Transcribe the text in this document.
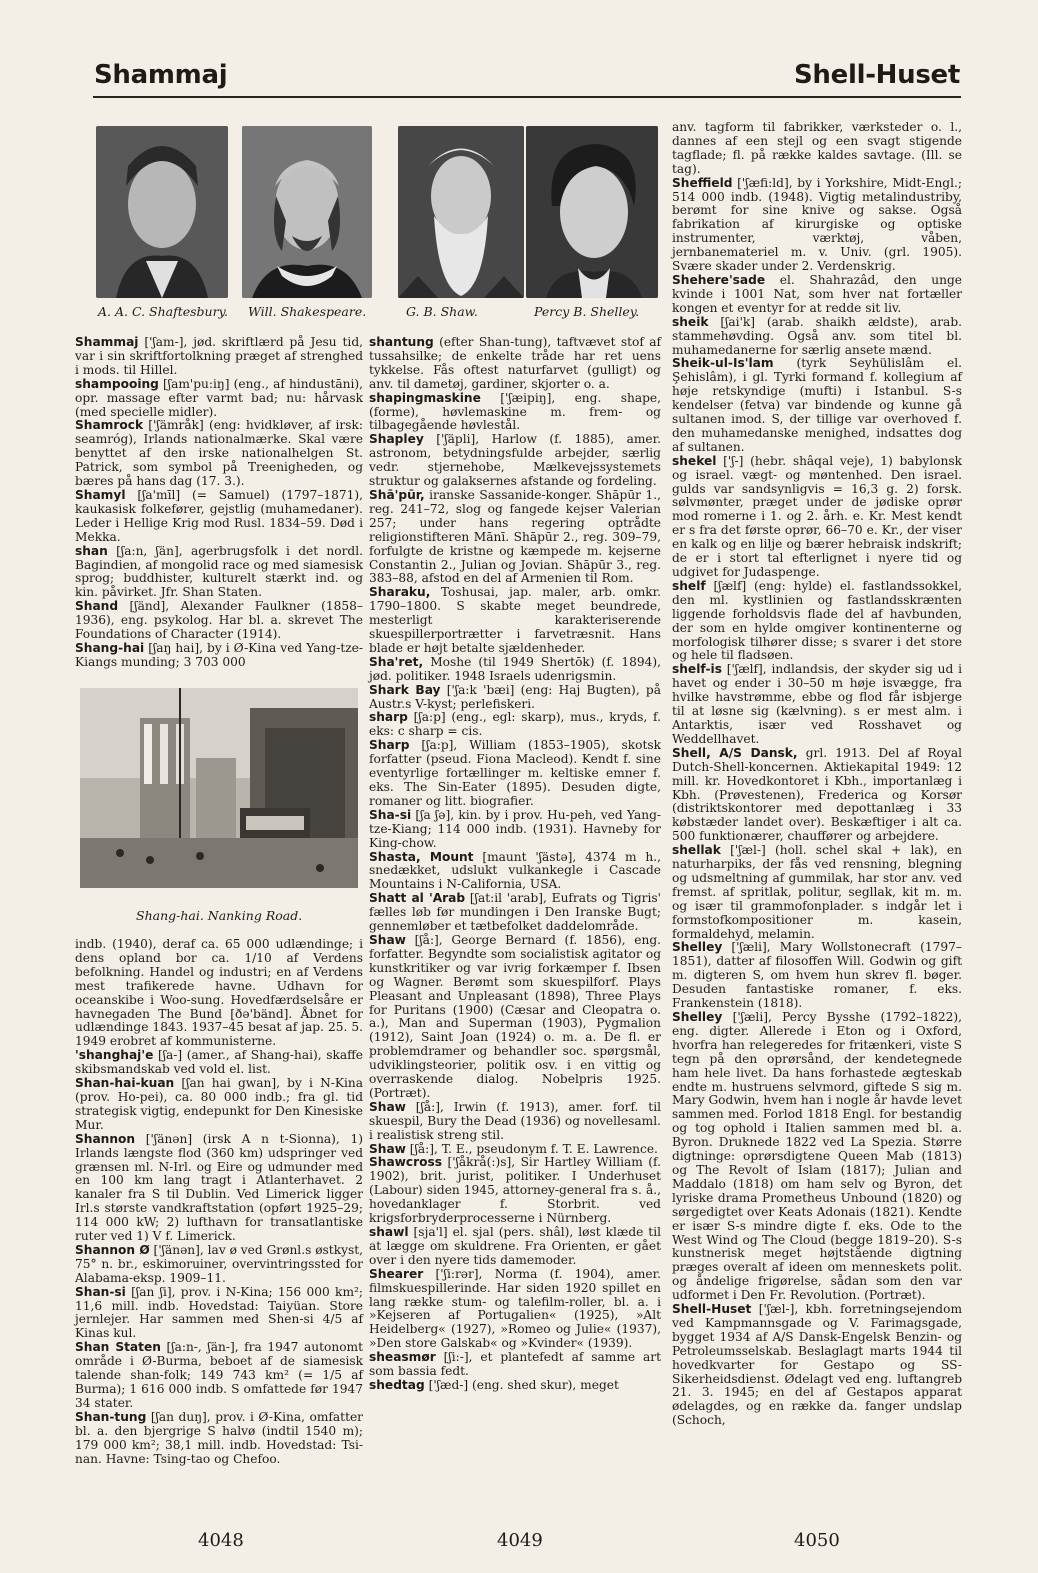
Shammaj	Shell-Huset
A. A. C. Shaftesbury. Will. Shakespeare.	G. B. Shaw.	Percy B. Shelley.

Shammaj ['ʃam-], jød. skriftlærd på Jesu tid, var i sin skriftfortolkning præget af strenghed i mods. til Hillel.

shampooing [ʃam'pu:iŋ] (eng., af hindustāni), opr. massage efter varmt bad; nu: hårvask (med specielle midler).

Shamrock ['ʃämråk] (eng: hvidkløver, af irsk: seamróg), Irlands nationalmærke. Skal være benyttet af den irske nationalhelgen St. Patrick, som symbol på Treenigheden, og bæres på hans dag (17. 3.).

Shamyl [ʃa'mīl] (= Samuel) (1797–1871), kaukasisk folkefører, gejstlig (muhamedaner). Leder i Hellige Krig mod Rusl. 1834–59. Død i Mekka.

shan [ʃa:n, ʃän], agerbrugsfolk i det nordl. Bagindien, af mongolid race og med siamesisk sprog; buddhister, kulturelt stærkt ind. og kin. påvirket. Jfr. Shan Staten.

Shand [ʃänd], Alexander Faulkner (1858–1936), eng. psykolog. Har bl. a. skrevet The Foundations of Character (1914).

Shang-hai [ʃaŋ hai], by i Ø-Kina ved Yang-tze-Kiangs munding; 3 703 000

Shang-hai. Nanking Road.

indb. (1940), deraf ca. 65 000 udlændinge; i dens opland bor ca. 1/10 af Verdens befolkning. Handel og industri; en af Verdens mest trafikerede havne. Udhavn for oceanskibe i Woo-sung. Hovedfærdselsåre er havnegaden The Bund [ðə'bänd]. Åbnet for udlændinge 1843. 1937–45 besat af jap. 25. 5. 1949 erobret af kommunisterne.

'shanghaj'e [ʃa-] (amer., af Shang-hai), skaffe skibsmandskab ved vold el. list.

Shan-hai-kuan [ʃan hai gwan], by i N-Kina (prov. Ho-pei), ca. 80 000 indb.; fra gl. tid strategisk vigtig, endepunkt for Den Kinesiske Mur.

Shannon ['ʃänən] (irsk A n t-Sionna), 1) Irlands længste flod (360 km) udspringer ved grænsen ml. N-Irl. og Eire og udmunder med en 100 km lang tragt i Atlanterhavet. 2 kanaler fra S til Dublin. Ved Limerick ligger Irl.s største vandkraftstation (opført 1925–29; 114 000 kW; 2) lufthavn for transatlantiske ruter ved 1) V f. Limerick.

Shannon Ø ['ʃänən], lav ø ved Grønl.s østkyst, 75° n. br., eskimoruiner, overvintringssted for Alabama-eksp. 1909–11.

Shan-si [ʃan ʃi], prov. i N-Kina; 156 000 km²; 11,6 mill. indb. Hovedstad: Taiyüan. Store jernlejer. Har sammen med Shen-si 4/5 af Kinas kul.

Shan Staten [ʃa:n-, ʃän-], fra 1947 autonomt område i Ø-Burma, beboet af de siamesisk talende shan-folk; 149 743 km² (= 1/5 af Burma); 1 616 000 indb. S omfattede før 1947 34 stater.

Shan-tung [ʃan duŋ], prov. i Ø-Kina, omfatter bl. a. den bjergrige S halvø (indtil 1540 m); 179 000 km²; 38,1 mill. indb. Hovedstad: Tsi-nan. Havne: Tsing-tao og Chefoo.

shantung (efter Shan-tung), taftvævet stof af tussahsilke; de enkelte tråde har ret uens tykkelse. Fås oftest naturfarvet (gulligt) og anv. til dametøj, gardiner, skjorter o. a.

shapingmaskine ['ʃæipiŋ], eng. shape, (forme), høvlemaskine m. frem- og tilbagegående høvlestål.

Shapley ['ʃäpli], Harlow (f. 1885), amer. astronom, betydningsfulde arbejder, særlig vedr. stjernehobe, Mælkevejssystemets struktur og galaksernes afstande og fordeling.

Shā'pūr, iranske Sassanide-konger. Shāpūr 1., reg. 241–72, slog og fangede kejser Valerian 257; under hans regering optrådte religionstifteren Mānī. Shāpūr 2., reg. 309–79, forfulgte de kristne og kæmpede m. kejserne Constantin 2., Julian og Jovian. Shāpūr 3., reg. 383–88, afstod en del af Armenien til Rom.

Sharaku, Toshusai, jap. maler, arb. omkr. 1790–1800. S skabte meget beundrede, mesterligt karakteriserende skuespillerportrætter i farvetræsnit. Hans blade er højt betalte sjældenheder.

Sha'ret, Moshe (til 1949 Shertōk) (f. 1894), jød. politiker. 1948 Israels udenrigsmin.

Shark Bay ['ʃa:k 'bæi] (eng: Haj Bugten), på Austr.s V-kyst; perlefiskeri.

sharp [ʃa:p] (eng., egl: skarp), mus., kryds, f. eks: c sharp = cis.

Sharp [ʃa:p], William (1853–1905), skotsk forfatter (pseud. Fiona Macleod). Kendt f. sine eventyrlige fortællinger m. keltiske emner f. eks. The Sin-Eater (1895). Desuden digte, romaner og litt. biografier.

Sha-si [ʃa ʃə], kin. by i prov. Hu-peh, ved Yang-tze-Kiang; 114 000 indb. (1931). Havneby for King-chow.

Shasta, Mount [maunt 'ʃästə], 4374 m h., snedækket, udslukt vulkankegle i Cascade Mountains i N-California, USA.

Shatt al 'Arab [ʃat:il 'arab], Eufrats og Tigris' fælles løb før mundingen i Den Iranske Bugt; gennemløber et tætbefolket daddelområde.

Shaw [ʃå:], George Bernard (f. 1856), eng. forfatter. Begyndte som socialistisk agitator og kunstkritiker og var ivrig forkæmper f. Ibsen og Wagner. Berømt som skuespilforf. Plays Pleasant and Unpleasant (1898), Three Plays for Puritans (1900) (Cæsar and Cleopatra o. a.), Man and Superman (1903), Pygmalion (1912), Saint Joan (1924) o. m. a. De fl. er problemdramer og behandler soc. spørgsmål, udviklingsteorier, politik osv. i en vittig og overraskende dialog. Nobelpris 1925. (Portræt).

Shaw [ʃå:], Irwin (f. 1913), amer. forf. til skuespil, Bury the Dead (1936) og novellesaml. i realistisk streng stil.

Shaw [ʃå:], T. E., pseudonym f. T. E. Lawrence.

Shawcross ['ʃåkrå(:)s], Sir Hartley William (f. 1902), brit. jurist, politiker. I Underhuset (Labour) siden 1945, attorney-general fra s. å., hovedanklager f. Storbrit. ved krigsforbryderprocesserne i Nürnberg.

shawl [sja'l] el. sjal (pers. shâl), løst klæde til at lægge om skuldrene. Fra Orienten, er gået over i den nyere tids damemoder.

Shearer ['ʃi:rər], Norma (f. 1904), amer. filmskuespillerinde. Har siden 1920 spillet en lang række stum- og talefilm-roller, bl. a. i »Kejseren af Portugalien« (1925), »Alt Heidelberg« (1927), »Romeo og Julie« (1937), »Den store Galskab« og »Kvinder« (1939).

sheasmør [ʃi:-], et plantefedt af samme art som bassia fedt.

shedtag ['ʃæd-] (eng. shed skur), meget

anv. tagform til fabrikker, værksteder o. l., dannes af een stejl og een svagt stigende tagflade; fl. på række kaldes savtage. (Ill. se tag).

Sheffield ['ʃæfi:ld], by i Yorkshire, Midt-Engl.; 514 000 indb. (1948). Vigtig metalindustriby, berømt for sine knive og sakse. Også fabrikation af kirurgiske og optiske instrumenter, værktøj, våben, jernbanemateriel m. v. Univ. (grl. 1905). Svære skader under 2. Verdenskrig.

Shehere'sade el. Shahrazâd, den unge kvinde i 1001 Nat, som hver nat fortæller kongen et eventyr for at redde sit liv.

sheik [ʃai'k] (arab. shaikh ældste), arab. stammehøvding. Også anv. som titel bl. muhamedanerne for særlig ansete mænd.

Sheik-ul-Is'lam (tyrk Seyhülislâm el. Şehislâm), i gl. Tyrki formand f. kollegium af høje retskyndige (mufti) i Istanbul. S-s kendelser (fetva) var bindende og kunne gå sultanen imod. S, der tillige var overhoved f. den muhamedanske menighed, indsattes dog af sultanen.

shekel ['ʃ-] (hebr. shâqal veje), 1) babylonsk og israel. vægt- og møntenhed. Den israel. gulds var sandsynligvis = 16,3 g. 2) forsk. sølvmønter, præget under de jødiske oprør mod romerne i 1. og 2. årh. e. Kr. Mest kendt er s fra det første oprør, 66–70 e. Kr., der viser en kalk og en lilje og bærer hebraisk indskrift; de er i stort tal efterlignet i nyere tid og udgivet for Judaspenge.

shelf [ʃælf] (eng: hylde) el. fastlandssokkel, den ml. kystlinien og fastlandsskrænten liggende forholdsvis flade del af havbunden, der som en hylde omgiver kontinenterne og morfologisk tilhører disse; s svarer i det store og hele til fladsøen.

shelf-is ['ʃælf], indlandsis, der skyder sig ud i havet og ender i 30–50 m høje isvægge, fra hvilke havstrømme, ebbe og flod får isbjerge til at løsne sig (kælvning). s er mest alm. i Antarktis, især ved Rosshavet og Weddellhavet.

Shell, A/S Dansk, grl. 1913. Del af Royal Dutch-Shell-koncernen. Aktiekapital 1949: 12 mill. kr. Hovedkontoret i Kbh., importanlæg i Kbh. (Prøvestenen), Frederica og Korsør (distriktskontorer med depottanlæg i 33 købstæder landet over). Beskæftiger i alt ca. 500 funktionærer, chauffører og arbejdere.

shellak ['ʃæl-] (holl. schel skal + lak), en naturharpiks, der fås ved rensning, blegning og udsmeltning af gummilak, har stor anv. ved fremst. af spritlak, politur, segllak, kit m. m. og især til grammofonplader. s indgår let i formstofkompositioner m. kasein, formaldehyd, melamin.

Shelley ['ʃæli], Mary Wollstonecraft (1797–1851), datter af filosoffen Will. Godwin og gift m. digteren S, om hvem hun skrev fl. bøger. Desuden fantastiske romaner, f. eks. Frankenstein (1818).

Shelley ['ʃæli], Percy Bysshe (1792–1822), eng. digter. Allerede i Eton og i Oxford, hvorfra han relegeredes for fritænkeri, viste S tegn på den oprørsånd, der kendetegnede ham hele livet. Da hans forhastede ægteskab endte m. hustruens selvmord, giftede S sig m. Mary Godwin, hvem han i nogle år havde levet sammen med. Forlod 1818 Engl. for bestandig og tog ophold i Italien sammen med bl. a. Byron. Druknede 1822 ved La Spezia. Større digtninge: oprørsdigtene Queen Mab (1813) og The Revolt of Islam (1817); Julian and Maddalo (1818) om ham selv og Byron, det lyriske drama Prometheus Unbound (1820) og sørgedigtet over Keats Adonais (1821). Kendte er især S-s mindre digte f. eks. Ode to the West Wind og The Cloud (begge 1819–20). S-s kunstnerisk meget højtstående digtning præges overalt af ideen om menneskets polit. og åndelige frigørelse, sådan som den var udformet i Den Fr. Revolution. (Portræt).

Shell-Huset ['ʃæl-], kbh. forretningsejendom ved Kampmannsgade og V. Farimagsgade, bygget 1934 af A/S Dansk-Engelsk Benzin- og Petroleumsselskab. Beslaglagt marts 1944 til hovedkvarter for Gestapo og SS-Sikerheidsdienst. Ødelagt ved eng. luftangreb 21. 3. 1945; en del af Gestapos apparat ødelagdes, og en række da. fanger undslap (Schoch,

4048	4049	4050
